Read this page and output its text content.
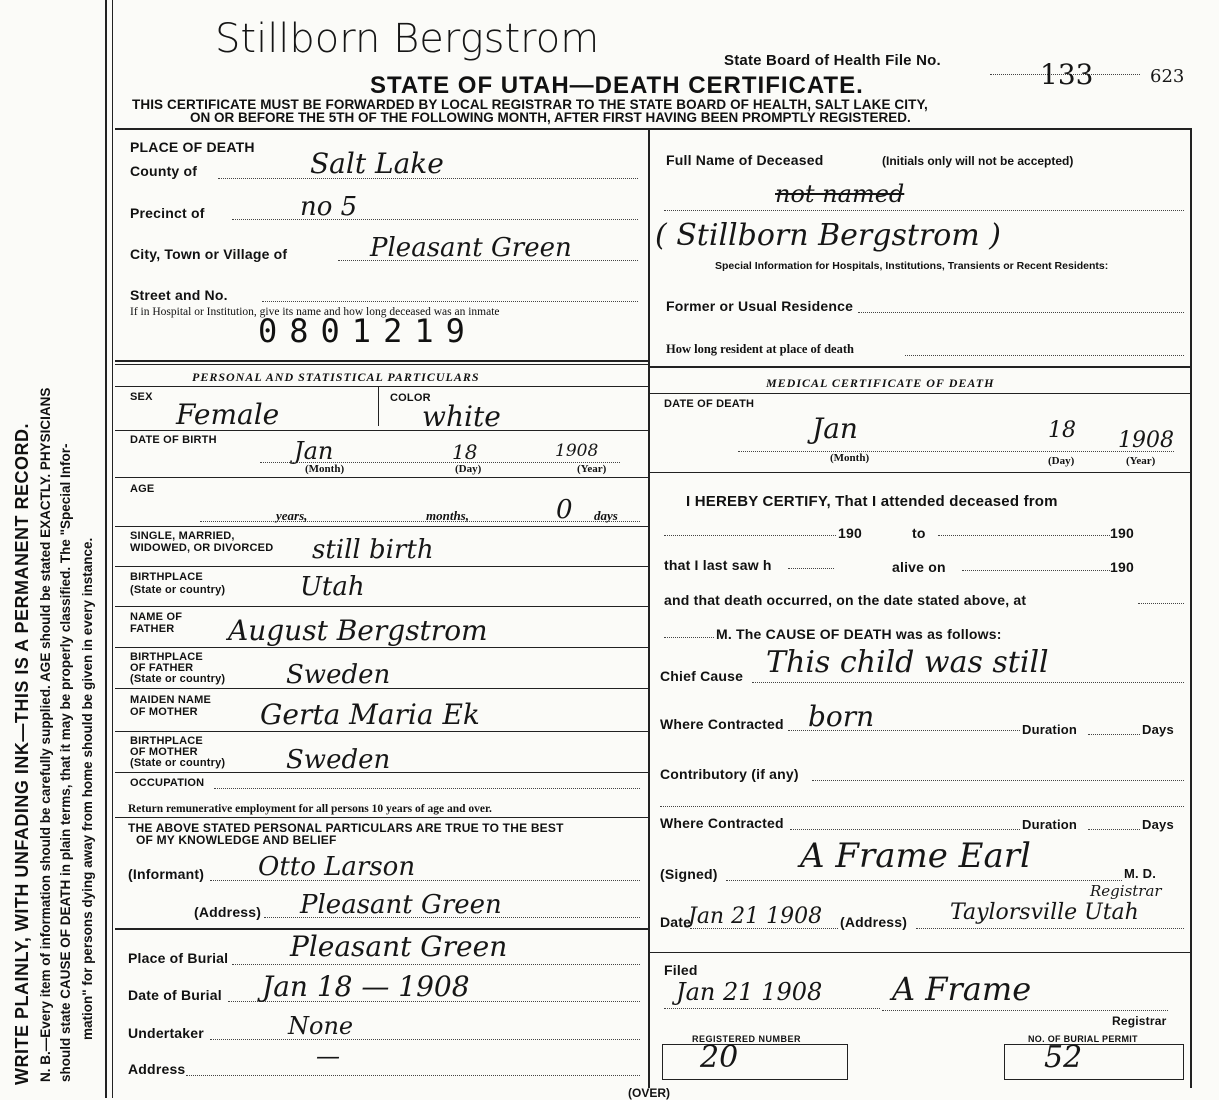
WRITE PLAINLY, WITH UNFADING INK—THIS IS A PERMANENT RECORD. N. B.—Every item of information should be carefully supplied. AGE should be stated EXACTLY. PHYSICIANS should state CAUSE OF DEATH in plain terms, that it may be properly classified. The "Special Infor- mation" for persons dying away from home should be given in every instance.
Stillborn Bergstrom	State Board of Health File No.	133	623
STATE OF UTAH—DEATH CERTIFICATE.
THIS CERTIFICATE MUST BE FORWARDED BY LOCAL REGISTRAR TO THE STATE BOARD OF HEALTH, SALT LAKE CITY,
ON OR BEFORE THE 5TH OF THE FOLLOWING MONTH, AFTER FIRST HAVING BEEN PROMPTLY REGISTERED.
PLACE OF DEATH
County of	Salt Lake
Precinct of	no 5
City, Town or Village of	Pleasant Green
Street and No.
If in Hospital or Institution, give its name and how long deceased was an inmate
0801219
Full Name of Deceased	(Initials only will not be accepted)
not named
( Stillborn Bergstrom )
Special Information for Hospitals, Institutions, Transients or Recent Residents:
Former or Usual Residence
How long resident at place of death
PERSONAL AND STATISTICAL PARTICULARS
SEX
Female	COLOR
white
DATE OF BIRTH	Jan	18	1908
(Month)	(Day)	(Year)
AGE
years,	months,	0 days
SINGLE, MARRIED,
WIDOWED, OR DIVORCED still birth
BIRTHPLACE
(State or country)	Utah
NAME OF
FATHER August Bergstrom
BIRTHPLACE
OF FATHER
(State or country) Sweden
MAIDEN NAME
OF MOTHER Gerta Maria Ek
BIRTHPLACE
OF MOTHER
(State or country) Sweden
OCCUPATION
Return remunerative employment for all persons 10 years of age and over.
THE ABOVE STATED PERSONAL PARTICULARS ARE TRUE TO THE BEST
OF MY KNOWLEDGE AND BELIEF
(Informant) Otto Larson
(Address) Pleasant Green
Place of Burial Pleasant Green
Date of Burial Jan 18 — 1908
Undertaker	None
Address	—
MEDICAL CERTIFICATE OF DEATH
DATE OF DEATH
Jan	18 1908
(Month)	(Day)	(Year)
I HEREBY CERTIFY, That I attended deceased from
190	to	190
that I last saw h	alive on	190
and that death occurred, on the date stated above, at
M. The CAUSE OF DEATH was as follows:
Chief Cause This child was still
Where Contracted born	Duration	Days
Contributory (if any)
Where Contracted	Duration	Days
(Signed) A Frame Earl	M. D.
Registrar
Date
Jan 21 1908 (Address) Taylorsville Utah
Filed
Jan 21 1908 A Frame
Registrar
REGISTERED NUMBER
20
NO. OF BURIAL PERMIT
52
(OVER)
